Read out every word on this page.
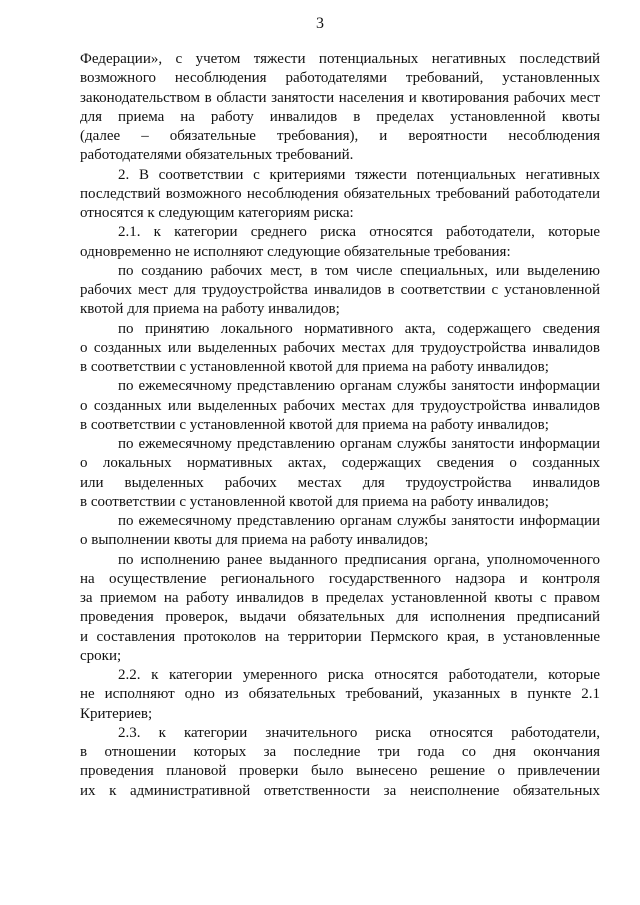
3
Федерации», с учетом тяжести потенциальных негативных последствий
возможного несоблюдения работодателями требований, установленных
законодательством в области занятости населения и квотирования рабочих мест
для приема на работу инвалидов в пределах установленной квоты
(далее – обязательные требования), и вероятности несоблюдения
работодателями обязательных требований.
2. В соответствии с критериями тяжести потенциальных негативных
последствий возможного несоблюдения обязательных требований работодатели
относятся к следующим категориям риска:
2.1. к категории среднего риска относятся работодатели, которые
одновременно не исполняют следующие обязательные требования:
по созданию рабочих мест, в том числе специальных, или выделению
рабочих мест для трудоустройства инвалидов в соответствии с установленной
квотой для приема на работу инвалидов;
по принятию локального нормативного акта, содержащего сведения
о созданных или выделенных рабочих местах для трудоустройства инвалидов
в соответствии с установленной квотой для приема на работу инвалидов;
по ежемесячному представлению органам службы занятости информации
о созданных или выделенных рабочих местах для трудоустройства инвалидов
в соответствии с установленной квотой для приема на работу инвалидов;
по ежемесячному представлению органам службы занятости информации
о локальных нормативных актах, содержащих сведения о созданных
или выделенных рабочих местах для трудоустройства инвалидов
в соответствии с установленной квотой для приема на работу инвалидов;
по ежемесячному представлению органам службы занятости информации
о выполнении квоты для приема на работу инвалидов;
по исполнению ранее выданного предписания органа, уполномоченного
на осуществление регионального государственного надзора и контроля
за приемом на работу инвалидов в пределах установленной квоты с правом
проведения проверок, выдачи обязательных для исполнения предписаний
и составления протоколов на территории Пермского края, в установленные
сроки;
2.2. к категории умеренного риска относятся работодатели, которые
не исполняют одно из обязательных требований, указанных в пункте 2.1
Критериев;
2.3. к категории значительного риска относятся работодатели,
в отношении которых за последние три года со дня окончания
проведения плановой проверки было вынесено решение о привлечении
их к административной ответственности за неисполнение обязательных
